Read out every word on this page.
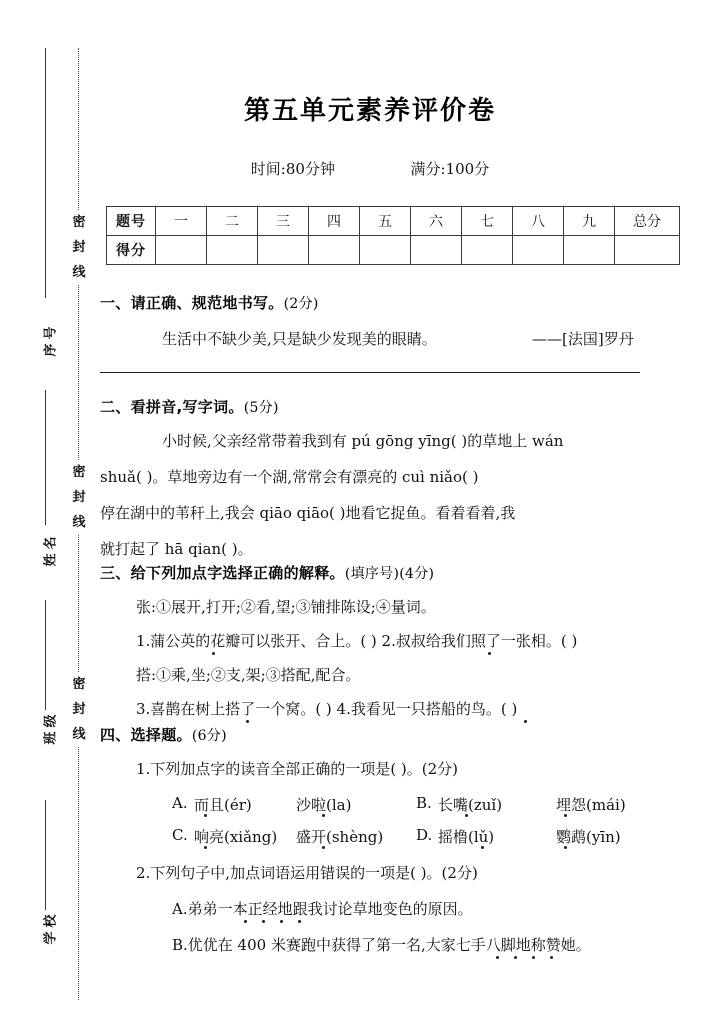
密
封
线
密
封
线
密
封
线
序号
姓名
班级
学校
第五单元素养评价卷
时间:80分钟	满分:100分
题号	一	二	三	四	五	六	七	八	九	总分
得分										
一、请正确、规范地书写。(2分)
生活中不缺少美,只是缺少发现美的眼睛。	——[法国]罗丹
二、看拼音,写字词。(5分)
小时候,父亲经常带着我到有 pú gōng yīng( )的草地上 wán
shuǎ( )。草地旁边有一个湖,常常会有漂亮的 cuì niǎo( )
停在湖中的苇秆上,我会 qiāo qiāo( )地看它捉鱼。看着看着,我
就打起了 hā qian( )。
三、给下列加点字选择正确的解释。(填序号)(4分)
张:①展开,打开;②看,望;③铺排陈设;④量词。
1.蒲公英的花瓣可以张开、合上。( ) 2.叔叔给我们照了一张相。( )
搭:①乘,坐;②支,架;③搭配,配合。
3.喜鹊在树上搭了一个窝。( ) 4.我看见一只搭船的鸟。( )
四、选择题。(6分)
1.下列加点字的读音全部正确的一项是( )。(2分)
A. 而且(ér)	沙啦(la)	B. 长嘴(zuǐ)	埋怨(mái)
C. 响亮(xiǎng) 盛开(shèng) D. 摇橹(lǔ)	鹦鹉(yīn)
2.下列句子中,加点词语运用错误的一项是( )。(2分)
A.弟弟一本正经地跟我讨论草地变色的原因。
B.优优在 400 米赛跑中获得了第一名,大家七手八脚地称赞她。
